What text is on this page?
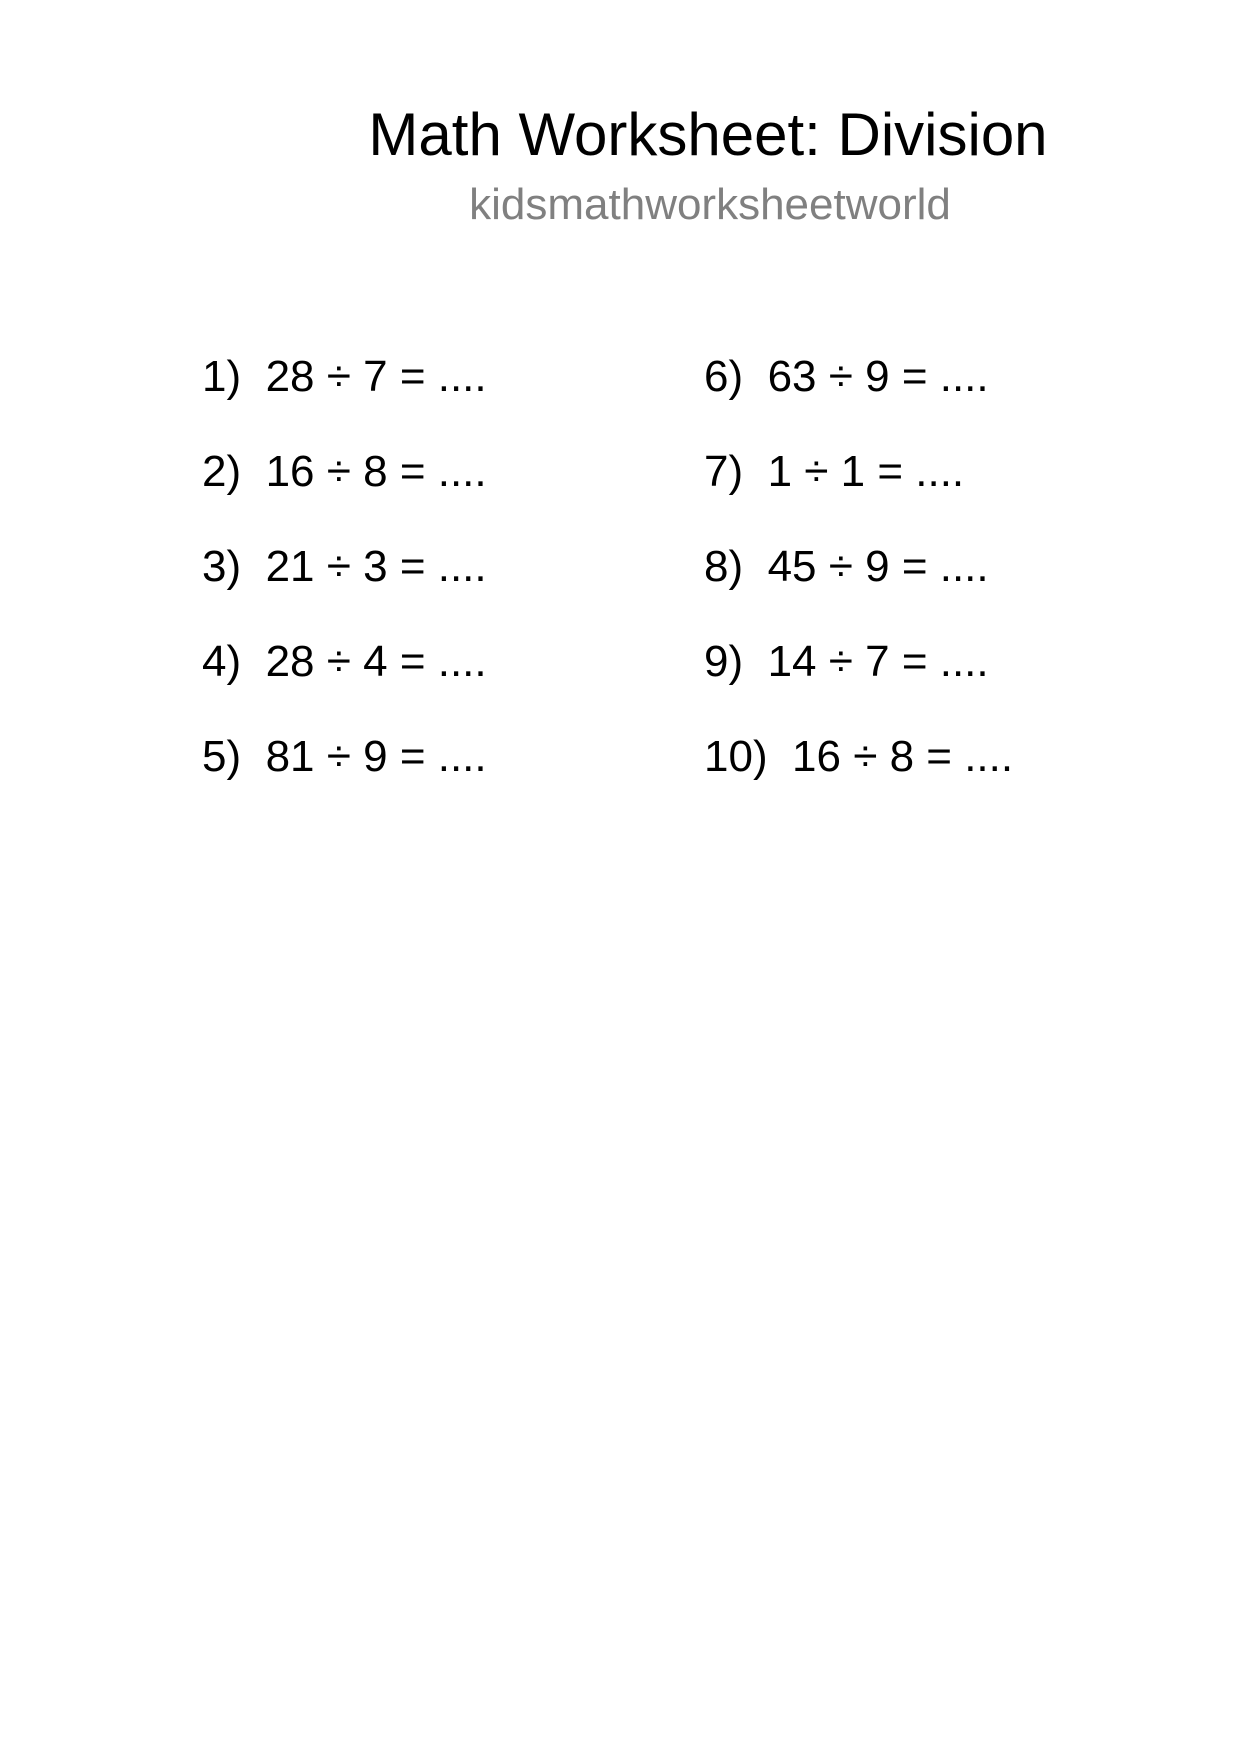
Math Worksheet: Division
kidsmathworksheetworld
1) 28 ÷ 7 = ....
2) 16 ÷ 8 = ....
3) 21 ÷ 3 = ....
4) 28 ÷ 4 = ....
5) 81 ÷ 9 = ....
6) 63 ÷ 9 = ....
7) 1 ÷ 1 = ....
8) 45 ÷ 9 = ....
9) 14 ÷ 7 = ....
10) 16 ÷ 8 = ....
